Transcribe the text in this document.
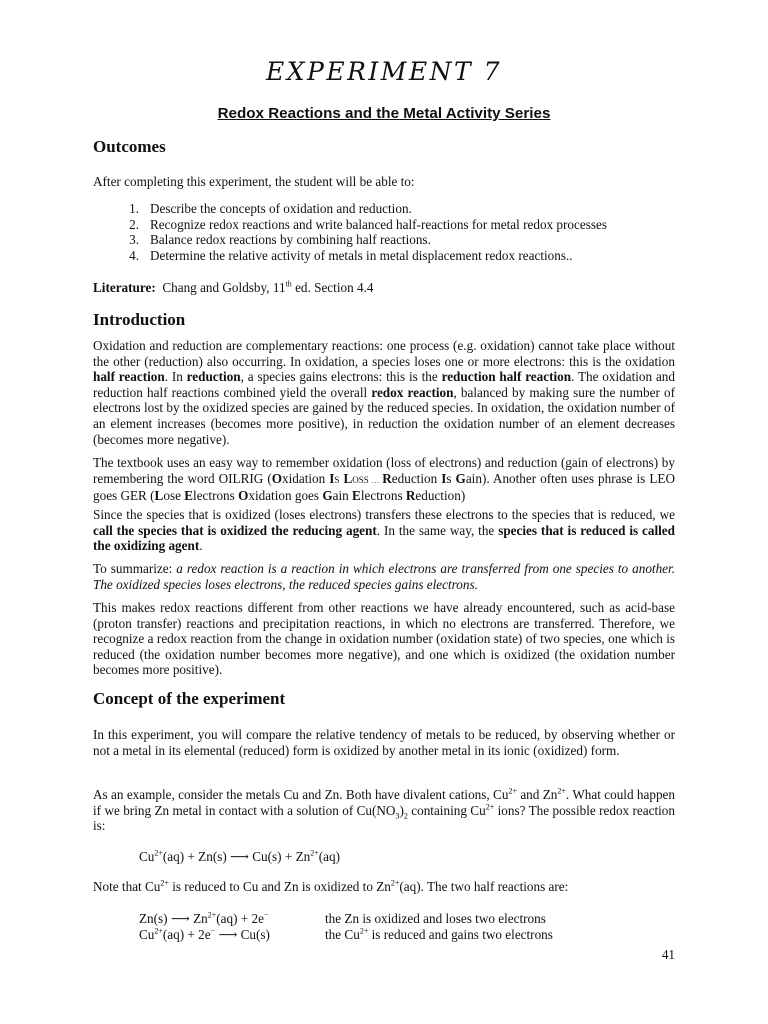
EXPERIMENT 7
Redox Reactions and the Metal Activity Series
Outcomes

After completing this experiment, the student will be able to:

1. Describe the concepts of oxidation and reduction.
2. Recognize redox reactions and write balanced half-reactions for metal redox processes
3. Balance redox reactions by combining half reactions.
4. Determine the relative activity of metals in metal displacement redox reactions..

Literature: Chang and Goldsby, 11th ed. Section 4.4

Introduction

Oxidation and reduction are complementary reactions: one process (e.g. oxidation) cannot take place without the other (reduction) also occurring. In oxidation, a species loses one or more electrons: this is the oxidation half reaction. In reduction, a species gains electrons: this is the reduction half reaction. The oxidation and reduction half reactions combined yield the overall redox reaction, balanced by making sure the number of electrons lost by the oxidized species are gained by the reduced species. In oxidation, the oxidation number of an element increases (becomes more positive), in reduction the oxidation number of an element decreases (becomes more negative).

The textbook uses an easy way to remember oxidation (loss of electrons) and reduction (gain of electrons) by remembering the word OILRIG (Oxidation Is Loss … Reduction Is Gain). Another often uses phrase is LEO goes GER (Lose Electrons Oxidation goes Gain Electrons Reduction)

Since the species that is oxidized (loses electrons) transfers these electrons to the species that is reduced, we call the species that is oxidized the reducing agent. In the same way, the species that is reduced is called the oxidizing agent.

To summarize: a redox reaction is a reaction in which electrons are transferred from one species to another. The oxidized species loses electrons, the reduced species gains electrons.

This makes redox reactions different from other reactions we have already encountered, such as acid-base (proton transfer) reactions and precipitation reactions, in which no electrons are transferred. Therefore, we recognize a redox reaction from the change in oxidation number (oxidation state) of two species, one which is reduced (the oxidation number becomes more negative), and one which is oxidized (the oxidation number becomes more positive).

Concept of the experiment

In this experiment, you will compare the relative tendency of metals to be reduced, by observing whether or not a metal in its elemental (reduced) form is oxidized by another metal in its ionic (oxidized) form.

As an example, consider the metals Cu and Zn. Both have divalent cations, $Cu^{2+}$ and $Zn^{2+}$. What could happen if we bring Zn metal in contact with a solution of $Cu(NO_3)_2$ containing $Cu^{2+}$ ions? The possible redox reaction is:

$Cu^{2+}(aq) + Zn(s)$ ⟶ $Cu(s) + Zn^{2+}(aq)$

Note that $Cu^{2+}$ is reduced to Cu and Zn is oxidized to $Zn^{2+}(aq)$. The two half reactions are:

Zn(s) ⟶ $Zn^{2+}(aq) + 2e^-$	the Zn is oxidized and loses two electrons
$Cu^{2+}(aq) + 2e^-$ ⟶ Cu(s)	the $Cu^{2+}$ is reduced and gains two electrons
41
